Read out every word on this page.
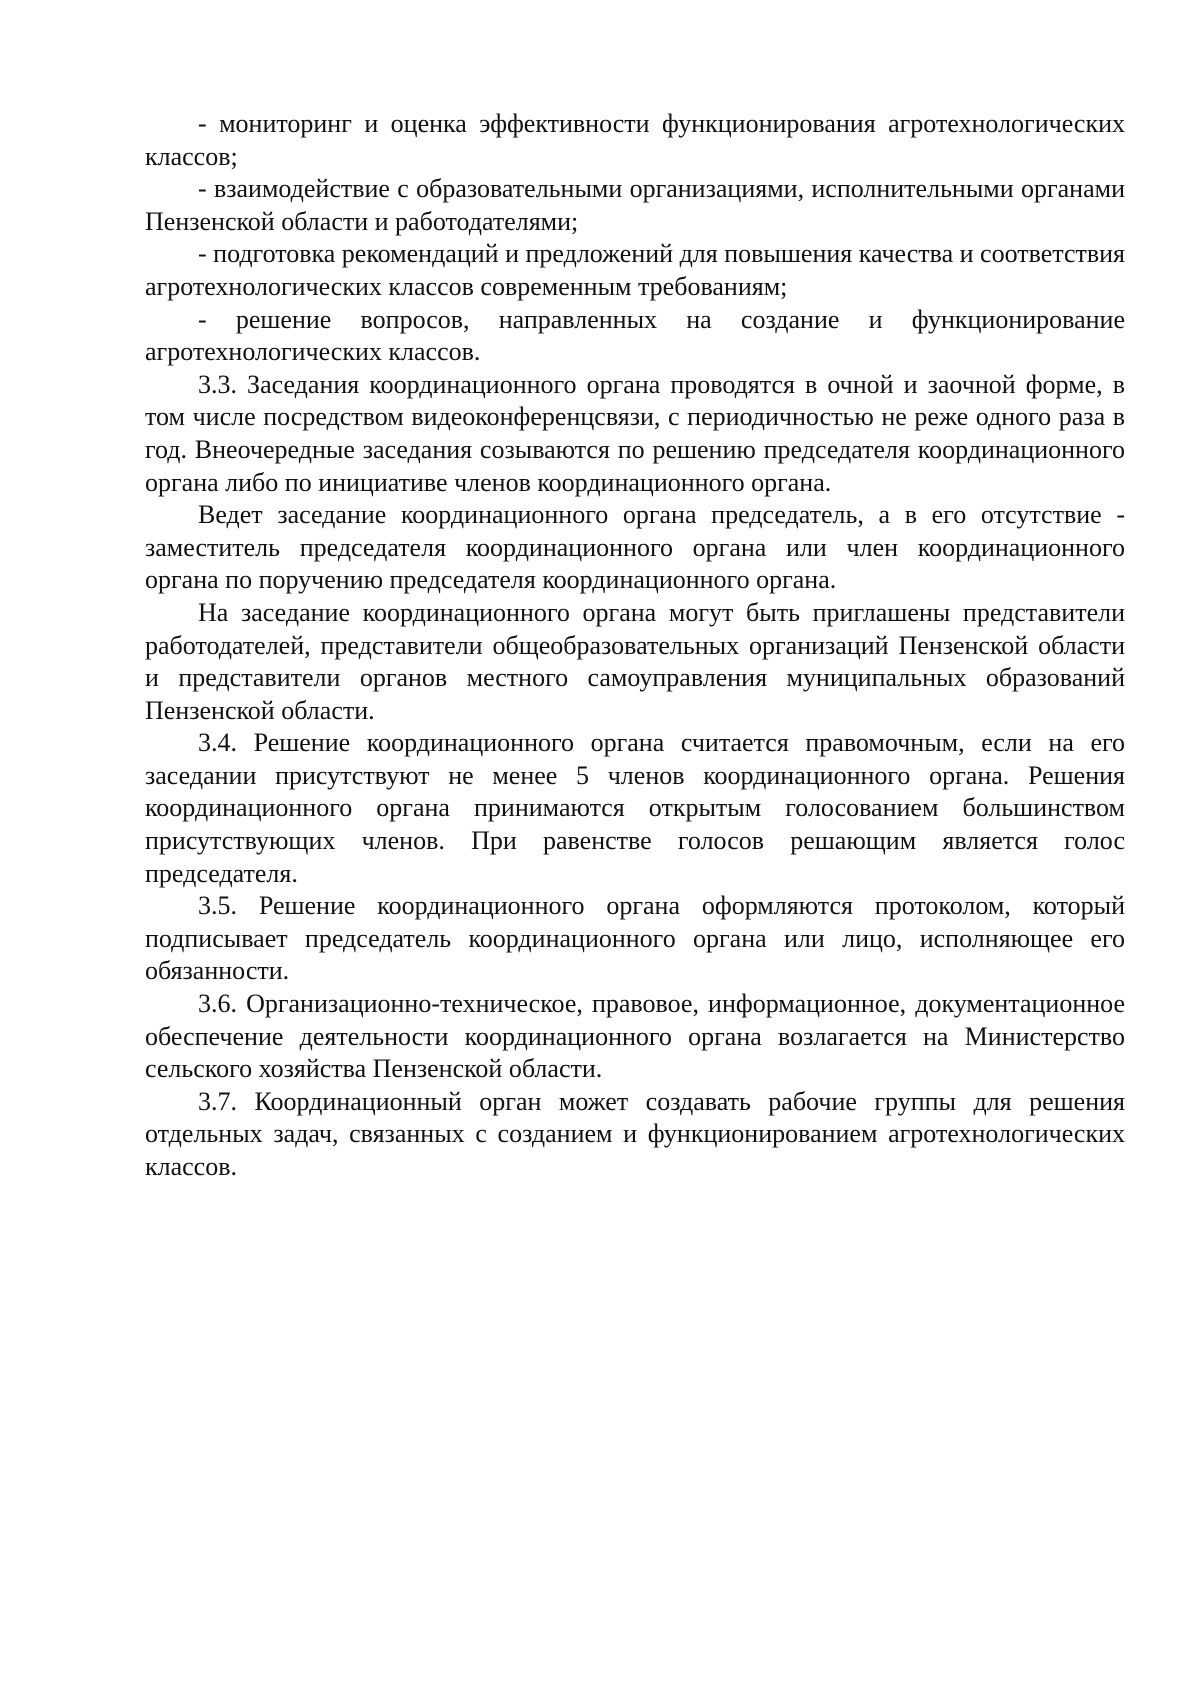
- мониторинг и оценка эффективности функционирования агротехнологических классов;

- взаимодействие с образовательными организациями, исполнительными органами Пензенской области и работодателями;

- подготовка рекомендаций и предложений для повышения качества и соответствия агротехнологических классов современным требованиям;

- решение вопросов, направленных на создание и функционирование агротехнологических классов.

3.3. Заседания координационного органа проводятся в очной и заочной форме, в том числе посредством видеоконференцсвязи, с периодичностью не реже одного раза в год. Внеочередные заседания созываются по решению председателя координационного органа либо по инициативе членов координационного органа.

Ведет заседание координационного органа председатель, а в его отсутствие - заместитель председателя координационного органа или член координационного органа по поручению председателя координационного органа.

На заседание координационного органа могут быть приглашены представители работодателей, представители общеобразовательных организаций Пензенской области и представители органов местного самоуправления муниципальных образований Пензенской области.

3.4. Решение координационного органа считается правомочным, если на его заседании присутствуют не менее 5 членов координационного органа. Решения координационного органа принимаются открытым голосованием большинством присутствующих членов. При равенстве голосов решающим является голос председателя.

3.5. Решение координационного органа оформляются протоколом, который подписывает председатель координационного органа или лицо, исполняющее его обязанности.

3.6. Организационно-техническое, правовое, информационное, документационное обеспечение деятельности координационного органа возлагается на Министерство сельского хозяйства Пензенской области.

3.7. Координационный орган может создавать рабочие группы для решения отдельных задач, связанных с созданием и функционированием агротехнологических классов.
